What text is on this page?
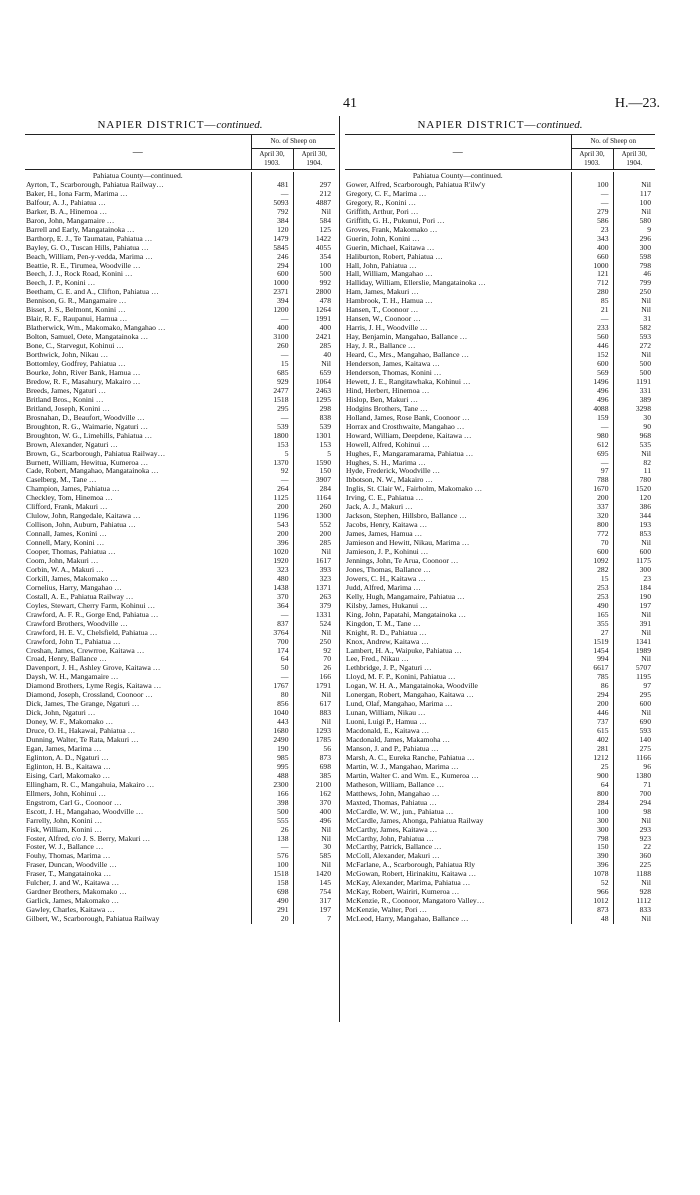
41	H.—23.
NAPIER DISTRICT—continued.
—	No. of Sheep on	
	April 30, 1903.	April 30, 1904.

Pahiatua County—continued.		
Ayrton, T., Scarborough, Pahiatua Railway…	481	297
Baker, H., Iona Farm, Marima …	—	212
Balfour, A. J., Pahiatua …	5093	4887
Barker, B. A., Hinemoa …	792	Nil
Baron, John, Mangamaire …	384	584
Barrell and Early, Mangatainoka …	120	125
Barthorp, E. J., Te Taumatau, Pahiatua …	1479	1422
Bayley, G. O., Tuscan Hills, Pahiatua …	5845	4055
Beach, William, Pen-y-vedda, Marima …	246	354
Beattie, R. E., Tirumea, Woodville …	294	100
Beech, J. J., Rock Road, Konini …	600	500
Beech, J. P., Konini …	1000	992
Beetham, C. E. and A., Clifton, Pahiatua …	2371	2800
Bennison, G. R., Mangamaire …	394	478
Bisset, J. S., Belmont, Konini …	1200	1264
Blair, R. F., Raupanui, Hamua …	—	1991
Blatherwick, Wm., Makomako, Mangahao …	400	400
Bolton, Samuel, Oete, Mangatainoka …	3100	2421
Bone, C., Starvegut, Kohinui …	260	285
Borthwick, John, Nikau …	—	40
Bottomley, Godfrey, Pahiatua …	15	Nil
Bourke, John, River Bank, Hamua …	685	659
Bredow, R. F., Masahury, Makairo …	929	1064
Breeds, James, Ngaturi …	2477	2463
Britland Bros., Konini …	1518	1295
Britland, Joseph, Konini …	295	298
Brosnahan, D., Beaufort, Woodville …	—	838
Broughton, R. G., Waimarie, Ngaturi …	539	539
Broughton, W. G., Limehills, Pahiatua …	1800	1301
Brown, Alexander, Ngaturi …	153	153
Brown, G., Scarborough, Pahiatua Railway…	5	5
Burnett, William, Hewitua, Kumeroa …	1370	1590
Cade, Robert, Mangahao, Mangatainoka …	92	150
Caselberg, M., Tane …	—	3907
Champion, James, Pahiatua …	264	284
Checkley, Tom, Hinemoa …	1125	1164
Clifford, Frank, Makuri …	200	260
Clulow, John, Rangedale, Kaitawa …	1196	1300
Collison, John, Auburn, Pahiatua …	543	552
Connall, James, Konini …	200	200
Connell, Mary, Konini …	396	285
Cooper, Thomas, Pahiatua …	1020	Nil
Coom, John, Makuri …	1920	1617
Corbin, W. A., Makuri …	323	393
Corkill, James, Makomako …	480	323
Cornelius, Harry, Mangahao …	1438	1371
Costall, A. E., Pahiatua Railway …	370	263
Coyles, Stewart, Cherry Farm, Kohinui …	364	379
Crawford, A. F. R., Gorge End, Pahiatua …	—	1331
Crawford Brothers, Woodville …	837	524
Crawford, H. E. V., Chelsfield, Pahiatua …	3764	Nil
Crawford, John T., Pahiatua …	700	250
Creshan, James, Crewrroe, Kaitawa …	174	92
Croad, Henry, Ballance …	64	70
Davenport, J. H., Ashley Grove, Kaitawa …	50	26
Daysh, W. H., Mangamaire …	—	166
Diamond Brothers, Lyme Regis, Kaitawa …	1767	1791
Diamond, Joseph, Crossland, Coonoor …	80	Nil
Dick, James, The Grange, Ngaturi …	856	617
Dick, John, Ngaturi …	1040	883
Doney, W. F., Makomako …	443	Nil
Druce, O. H., Hakawai, Pahiatua …	1680	1293
Dunning, Walter, Te Rata, Makuri …	2490	1785
Egan, James, Marima …	190	56
Eglinton, A. D., Ngaturi …	985	873
Eglinton, H. B., Kaitawa …	995	698
Eising, Carl, Makomako …	488	385
Ellingham, R. C., Mangahuia, Makairo …	2300	2100
Ellmers, John, Kohinui …	166	162
Engstrom, Carl G., Coonoor …	398	370
Escott, J. H., Mangahao, Woodville …	500	400
Farrelly, John, Konini …	555	496
Fisk, William, Konini …	26	Nil
Foster, Alfred, c/o J. S. Berry, Makuri …	138	Nil
Foster, W. J., Ballance …	—	30
Fouhy, Thomas, Marima …	576	585
Fraser, Duncan, Woodville …	100	Nil
Fraser, T., Mangatainoka …	1518	1420
Fulcher, J. and W., Kaitawa …	158	145
Gardner Brothers, Makomako …	698	754
Garlick, James, Makomako …	490	317
Gawley, Charles, Kaitawa …	291	197
Gilbert, W., Scarborough, Pahiatua Railway	20	7
NAPIER DISTRICT—continued.
—	No. of Sheep on	
	April 30, 1903.	April 30, 1904.

Pahiatua County—continued.		
Gower, Alfred, Scarborough, Pahiatua R'ilw'y	100	Nil
Gregory, C. F., Marima …	—	117
Gregory, R., Konini …	—	100
Griffith, Arthur, Pori …	279	Nil
Griffith, G. H., Pukunui, Pori …	586	580
Groves, Frank, Makomako …	23	9
Guerin, John, Konini …	343	296
Guerin, Michael, Kaitawa …	400	300
Haliburton, Robert, Pahiatua …	660	598
Hall, John, Pahiatua …	1000	798
Hall, William, Mangahao …	121	46
Halliday, William, Ellerslie, Mangatainoka …	712	799
Ham, James, Makuri …	280	250
Hambrook, T. H., Hamua …	85	Nil
Hansen, T., Coonoor …	21	Nil
Hansen, W., Coonoor …	—	31
Harris, J. H., Woodville …	233	582
Hay, Benjamin, Mangahao, Ballance …	560	593
Hay, J. R., Ballance …	446	272
Heard, C., Mrs., Mangahao, Ballance …	152	Nil
Henderson, James, Kaitawa …	600	500
Henderson, Thomas, Konini …	569	500
Hewett, J. E., Rangitawhaka, Kohinui …	1496	1191
Hind, Herbert, Hinemoa …	496	331
Hislop, Ben, Makuri …	496	389
Hodgins Brothers, Tane …	4088	3298
Holland, James, Rose Bank, Coonoor …	159	30
Horrax and Crosthwaite, Mangahao …	—	90
Howard, William, Deepdene, Kaitawa …	980	968
Howell, Alfred, Kohinui …	612	535
Hughes, F., Mangaramarama, Pahiatua …	695	Nil
Hughes, S. H., Marima …	—	82
Hyde, Frederick, Woodville …	97	11
Ibbotson, N. W., Makairo …	788	780
Inglis, St. Clair W., Fairholm, Makomako …	1670	1520
Irving, C. E., Pahiatua …	200	120
Jack, A. J., Makuri …	337	386
Jackson, Stephen, Hillsbro, Ballance …	320	344
Jacobs, Henry, Kaitawa …	800	193
James, James, Hamua …	772	853
Jamieson and Hewitt, Nikau, Marima …	70	Nil
Jamieson, J. P., Kohinui …	600	600
Jennings, John, Te Arua, Coonoor …	1092	1175
Jones, Thomas, Ballance …	282	300
Jowers, C. H., Kaitawa …	15	23
Judd, Alfred, Marima …	253	184
Kelly, Hugh, Mangamaire, Pahiatua …	253	190
Kilsby, James, Hukanui …	490	197
King, John, Papatahi, Mangatainoka …	165	Nil
Kingdon, T. M., Tane …	355	391
Knight, R. D., Pahiatua …	27	Nil
Knox, Andrew, Kaitawa …	1519	1341
Lambert, H. A., Waipuke, Pahiatua …	1454	1989
Lee, Fred., Nikau …	994	Nil
Lethbridge, J. P., Ngaturi …	6617	5707
Lloyd, M. F. P., Konini, Pahiatua …	785	1195
Logan, W. H. A., Mangatainoka, Woodville	86	97
Lonergan, Robert, Mangahao, Kaitawa …	294	295
Lund, Olaf, Mangahao, Marima …	200	600
Lunan, William, Nikau …	446	Nil
Luoni, Luigi P., Hamua …	737	690
Macdonald, E., Kaitawa …	615	593
Macdonald, James, Makamoha …	402	140
Manson, J. and P., Pahiatua …	281	275
Marsh, A. C., Eureka Ranche, Pahiatua …	1212	1166
Martin, W. J., Mangahao, Marima …	25	96
Martin, Walter C. and Wm. E., Kumeroa …	900	1380
Matheson, William, Ballance …	64	71
Matthews, John, Mangahao …	800	700
Maxted, Thomas, Pahiatua …	284	294
McCardle, W. W., jun., Pahiatua …	100	98
McCardle, James, Ahonga, Pahiatua Railway	300	Nil
McCarthy, James, Kaitawa …	300	293
McCarthy, John, Pahiatua …	798	923
McCarthy, Patrick, Ballance …	150	22
McColl, Alexander, Makuri …	390	360
McFarlane, A., Scarborough, Pahiatua Rly	396	225
McGowan, Robert, Hirinakitu, Kaitawa …	1078	1188
McKay, Alexander, Marima, Pahiatua …	52	Nil
McKay, Robert, Wairiri, Kumeroa …	966	928
McKenzie, R., Coonoor, Mangatoro Valley…	1012	1112
McKenzie, Walter, Pori …	873	833
McLeod, Harry, Mangahao, Ballance …	48	Nil
